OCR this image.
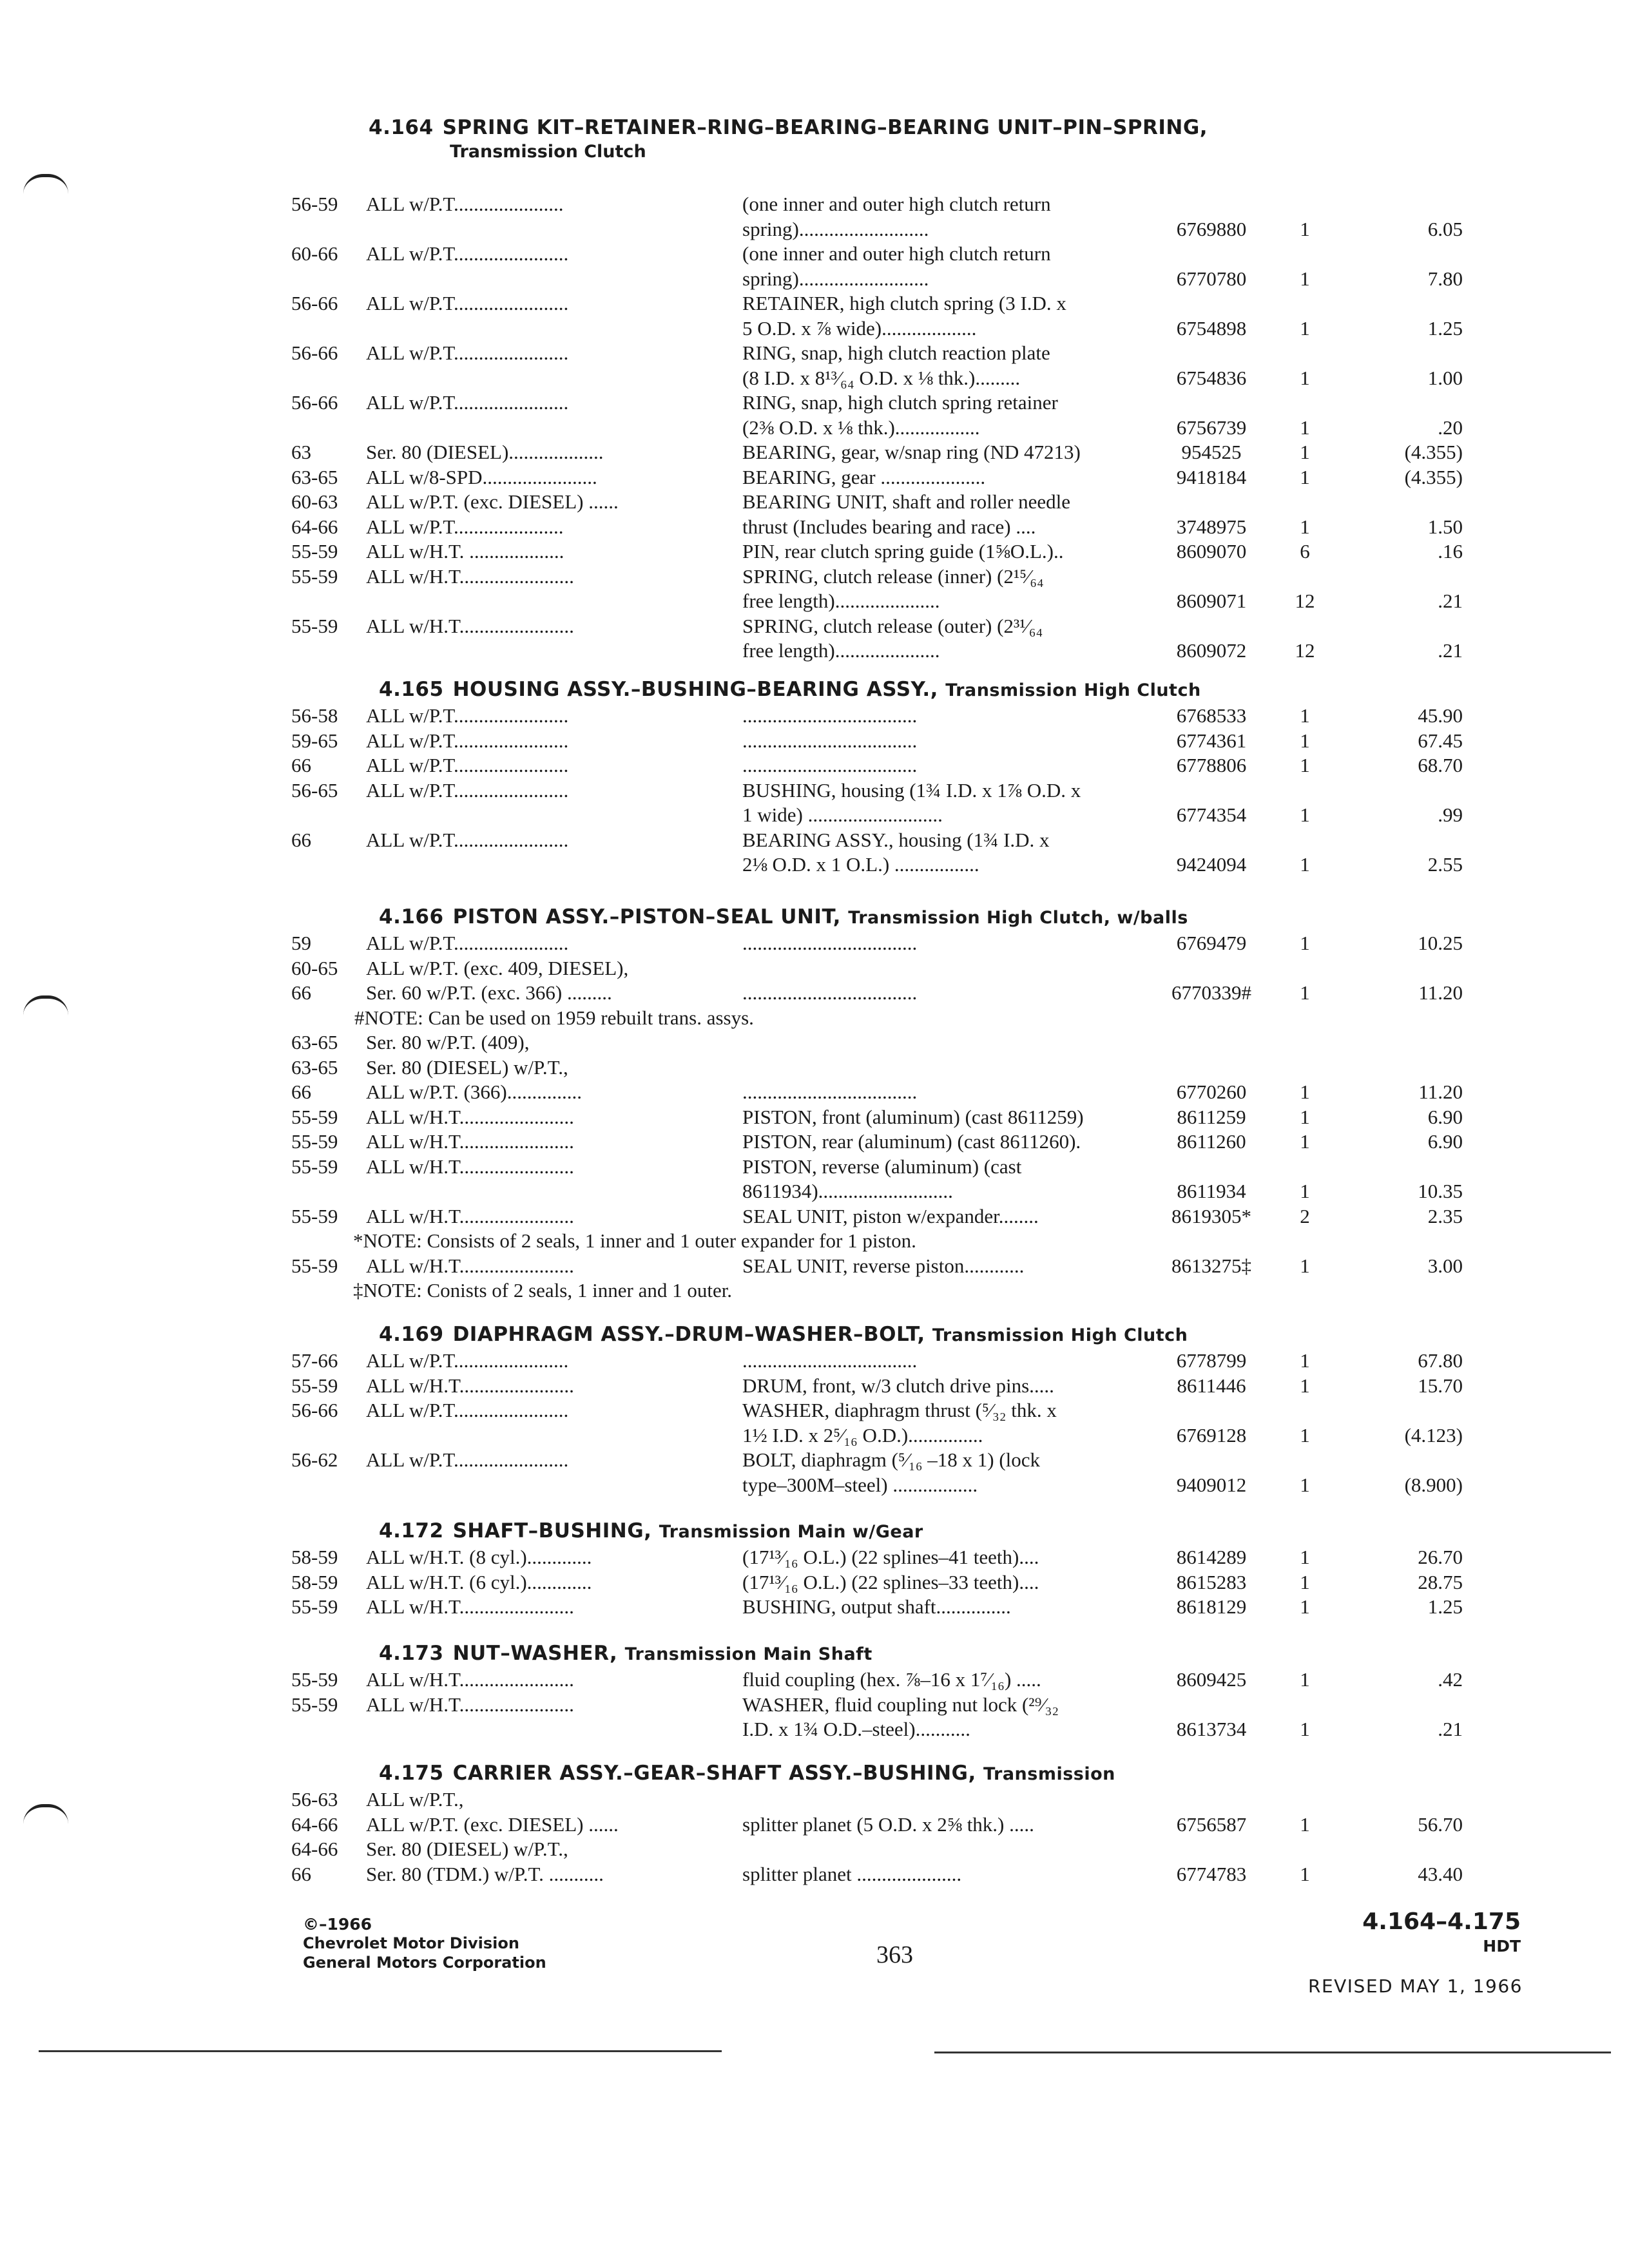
Transmission Clutch
4.164 SPRING KIT–RETAINER–RING–BEARING–BEARING UNIT–PIN–SPRING,
56-59 ALL w/P.T......................	(one inner and outer high clutch return
spring)..........................	6769880	1	6.05
60-66 ALL w/P.T.......................	(one inner and outer high clutch return
spring)..........................	6770780	1	7.80
56-66 ALL w/P.T.......................	RETAINER, high clutch spring (3 I.D. x
5 O.D. x ⅞ wide)...................	6754898	1	1.25
56-66 ALL w/P.T.......................	RING, snap, high clutch reaction plate
(8 I.D. x 8¹³⁄₆₄ O.D. x ⅛ thk.).........	6754836	1	1.00
56-66 ALL w/P.T.......................	RING, snap, high clutch spring retainer
(2⅜ O.D. x ⅛ thk.).................	6756739	1	.20
63	Ser. 80 (DIESEL)...................	BEARING, gear, w/snap ring (ND 47213)	954525	1	(4.355)
63-65 ALL w/8-SPD.......................	BEARING, gear .....................	9418184	1	(4.355)
60-63 ALL w/P.T. (exc. DIESEL) ......	BEARING UNIT, shaft and roller needle
64-66 ALL w/P.T......................	thrust (Includes bearing and race) ....	3748975	1	1.50
55-59 ALL w/H.T. ...................	PIN, rear clutch spring guide (1⅝O.L.)..	8609070	6	.16
55-59 ALL w/H.T.......................	SPRING, clutch release (inner) (2¹⁵⁄₆₄
free length).....................	8609071	12	.21
55-59 ALL w/H.T.......................	SPRING, clutch release (outer) (2³¹⁄₆₄
free length).....................	8609072	12	.21
4.165 HOUSING ASSY.–BUSHING–BEARING ASSY., Transmission High Clutch
56-58 ALL w/P.T.......................	...................................	6768533	1	45.90
59-65 ALL w/P.T.......................	...................................	6774361	1	67.45
66	ALL w/P.T.......................	...................................	6778806	1	68.70
56-65 ALL w/P.T.......................	BUSHING, housing (1¾ I.D. x 1⅞ O.D. x
1 wide) ...........................	6774354	1	.99
66	ALL w/P.T.......................	BEARING ASSY., housing (1¾ I.D. x
2⅛ O.D. x 1 O.L.) .................	9424094	1	2.55
4.166 PISTON ASSY.–PISTON–SEAL UNIT, Transmission High Clutch, w/balls
59	ALL w/P.T.......................	...................................	6769479	1	10.25
60-65 ALL w/P.T. (exc. 409, DIESEL),
66	Ser. 60 w/P.T. (exc. 366) .........	...................................	6770339#	1	11.20
#NOTE: Can be used on 1959 rebuilt trans. assys.
63-65 Ser. 80 w/P.T. (409),
63-65 Ser. 80 (DIESEL) w/P.T.,
66	ALL w/P.T. (366)...............	...................................	6770260	1	11.20
55-59 ALL w/H.T.......................	PISTON, front (aluminum) (cast 8611259)	8611259	1	6.90
55-59 ALL w/H.T.......................	PISTON, rear (aluminum) (cast 8611260).	8611260	1	6.90
55-59 ALL w/H.T.......................	PISTON, reverse (aluminum) (cast
8611934)...........................	8611934	1	10.35
55-59 ALL w/H.T.......................	SEAL UNIT, piston w/expander........	8619305*	2	2.35
*NOTE: Consists of 2 seals, 1 inner and 1 outer expander for 1 piston.
55-59 ALL w/H.T.......................	SEAL UNIT, reverse piston............	8613275‡	1	3.00
‡NOTE: Conists of 2 seals, 1 inner and 1 outer.
4.169 DIAPHRAGM ASSY.–DRUM–WASHER–BOLT, Transmission High Clutch
57-66 ALL w/P.T.......................	...................................	6778799	1	67.80
55-59 ALL w/H.T.......................	DRUM, front, w/3 clutch drive pins.....	8611446	1	15.70
56-66 ALL w/P.T.......................	WASHER, diaphragm thrust (⁵⁄₃₂ thk. x
1½ I.D. x 2⁵⁄₁₆ O.D.)...............	6769128	1	(4.123)
56-62 ALL w/P.T.......................	BOLT, diaphragm (⁵⁄₁₆ –18 x 1) (lock
type–300M–steel) .................	9409012	1	(8.900)
4.172 SHAFT–BUSHING, Transmission Main w/Gear
58-59 ALL w/H.T. (8 cyl.).............	(17¹³⁄₁₆ O.L.) (22 splines–41 teeth)....	8614289	1	26.70
58-59 ALL w/H.T. (6 cyl.).............	(17¹³⁄₁₆ O.L.) (22 splines–33 teeth)....	8615283	1	28.75
55-59 ALL w/H.T.......................	BUSHING, output shaft...............	8618129	1	1.25
4.173 NUT–WASHER, Transmission Main Shaft
55-59 ALL w/H.T.......................	fluid coupling (hex. ⅞–16 x 1⁷⁄₁₆) .....	8609425	1	.42
55-59 ALL w/H.T.......................	WASHER, fluid coupling nut lock (²⁹⁄₃₂
I.D. x 1¾ O.D.–steel)...........	8613734	1	.21
4.175 CARRIER ASSY.–GEAR–SHAFT ASSY.–BUSHING, Transmission
56-63 ALL w/P.T.,
64-66 ALL w/P.T. (exc. DIESEL) ......	splitter planet (5 O.D. x 2⅝ thk.) .....	6756587	1	56.70
64-66 Ser. 80 (DIESEL) w/P.T.,
66	Ser. 80 (TDM.) w/P.T. ...........	splitter planet .....................	6774783	1	43.40
©–1966
Chevrolet Motor Division
General Motors Corporation	363
4.164–4.175
HDT
REVISED MAY 1, 1966
